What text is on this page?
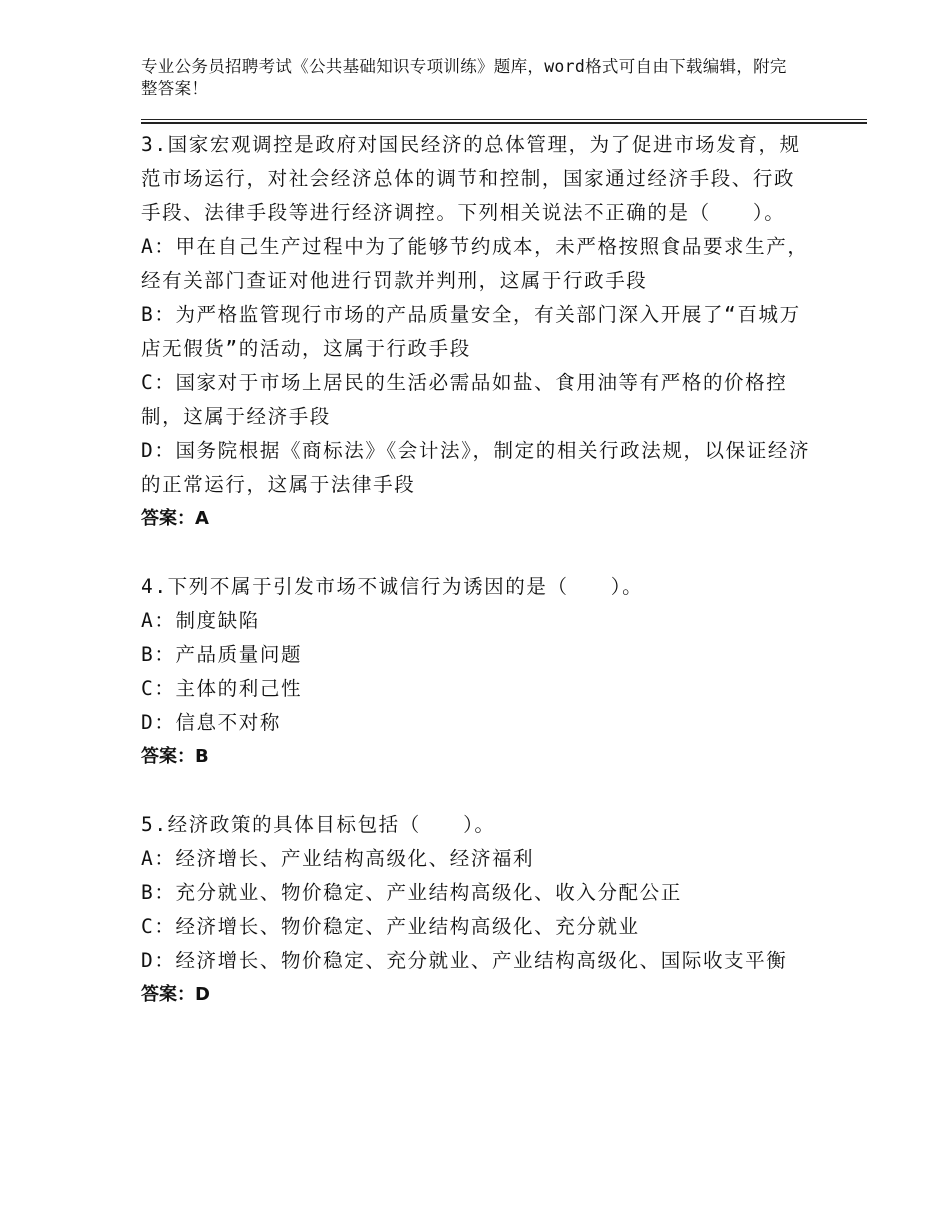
专业公务员招聘考试《公共基础知识专项训练》题库，word格式可自由下载编辑，附完整答案！

3.国家宏观调控是政府对国民经济的总体管理，为了促进市场发育，规范市场运行，对社会经济总体的调节和控制，国家通过经济手段、行政手段、法律手段等进行经济调控。下列相关说法不正确的是（　　）。

A：甲在自己生产过程中为了能够节约成本，未严格按照食品要求生产，经有关部门查证对他进行罚款并判刑，这属于行政手段

B：为严格监管现行市场的产品质量安全，有关部门深入开展了“百城万店无假货”的活动，这属于行政手段

C：国家对于市场上居民的生活必需品如盐、食用油等有严格的价格控制，这属于经济手段

D：国务院根据《商标法》《会计法》，制定的相关行政法规，以保证经济的正常运行，这属于法律手段

答案：A

4.下列不属于引发市场不诚信行为诱因的是（　　）。

A：制度缺陷

B：产品质量问题

C：主体的利己性

D：信息不对称

答案：B

5.经济政策的具体目标包括（　　）。

A：经济增长、产业结构高级化、经济福利

B：充分就业、物价稳定、产业结构高级化、收入分配公正

C：经济增长、物价稳定、产业结构高级化、充分就业

D：经济增长、物价稳定、充分就业、产业结构高级化、国际收支平衡

答案：D
